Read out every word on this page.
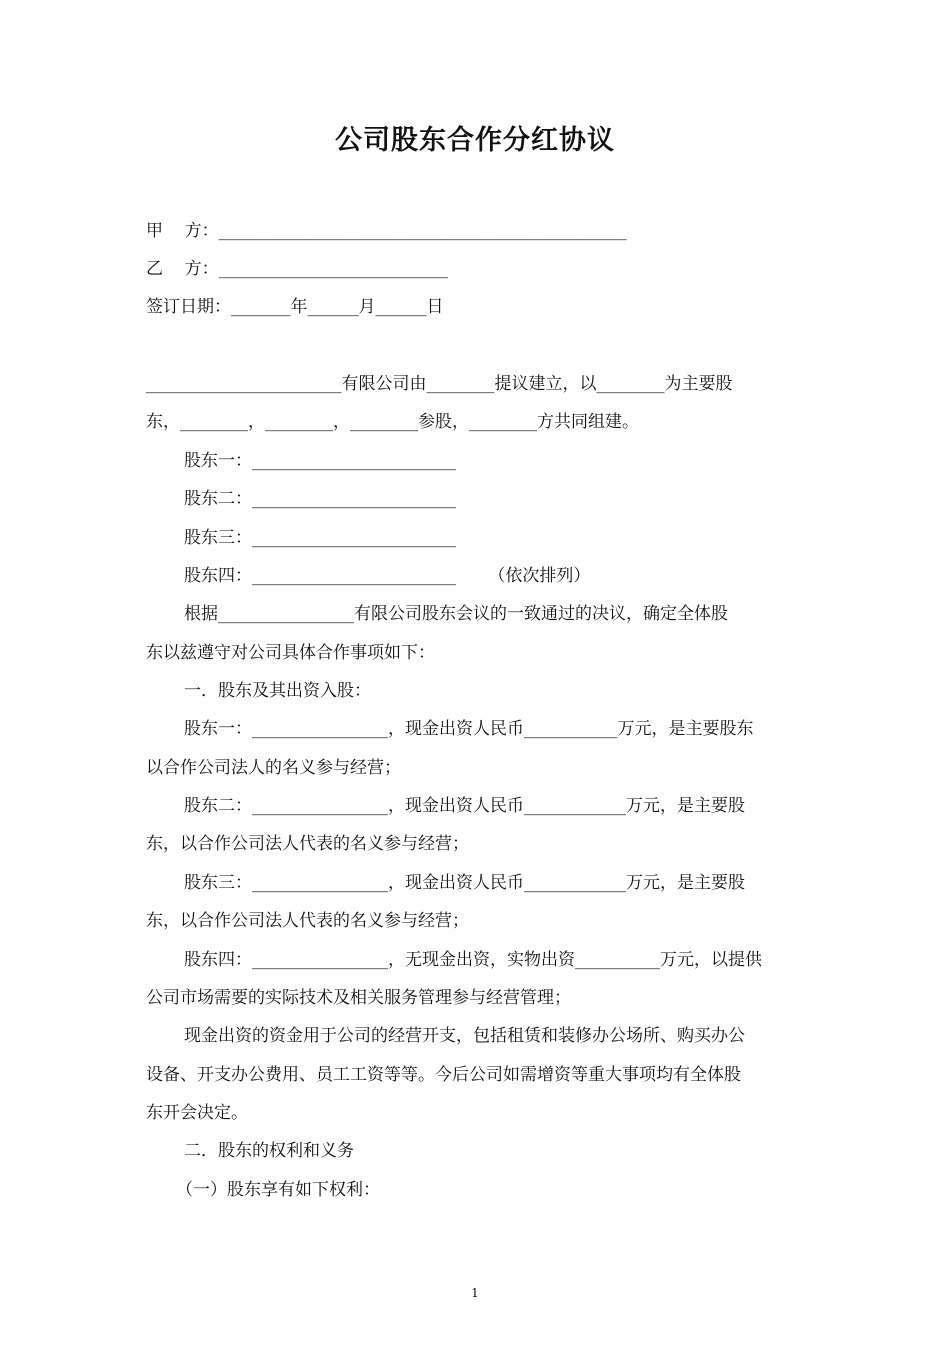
公司股东合作分红协议
甲    方：________________________________________________
乙    方：___________________________
签订日期：_______年______月______日
_______________________有限公司由________提议建立，以________为主要股
东，________，________，________参股，________方共同组建。
股东一：________________________
股东二：________________________
股东三：________________________
股东四：________________________      （依次排列）
根据________________有限公司股东会议的一致通过的决议，确定全体股
东以兹遵守对公司具体合作事项如下：
一．股东及其出资入股：
股东一：________________，现金出资人民币___________万元，是主要股东
以合作公司法人的名义参与经营；
股东二：________________，现金出资人民币____________万元，是主要股
东，以合作公司法人代表的名义参与经营；
股东三：________________，现金出资人民币____________万元，是主要股
东，以合作公司法人代表的名义参与经营；
股东四：________________，无现金出资，实物出资__________万元，以提供
公司市场需要的实际技术及相关服务管理参与经营管理；
现金出资的资金用于公司的经营开支，包括租赁和装修办公场所、购买办公
设备、开支办公费用、员工工资等等。今后公司如需增资等重大事项均有全体股
东开会决定。
二．股东的权利和义务
（一）股东享有如下权利：
1
